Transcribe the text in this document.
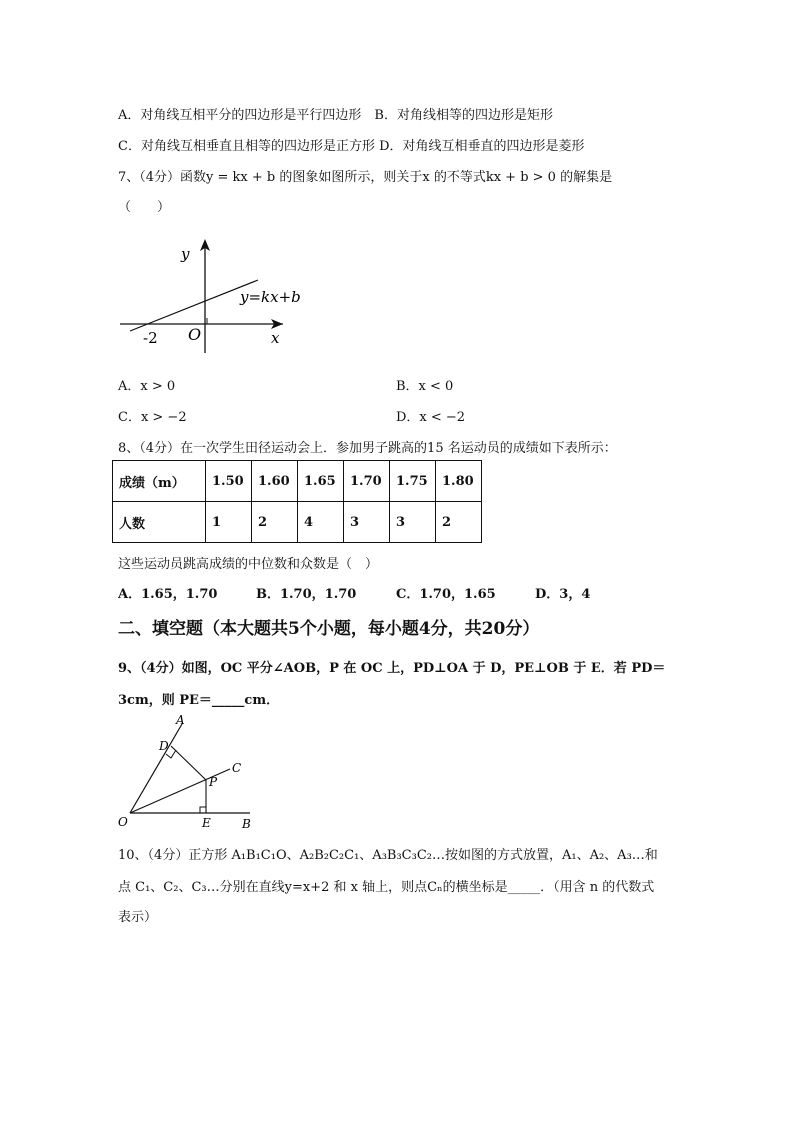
A．对角线互相平分的四边形是平行四边形　B．对角线相等的四边形是矩形
C．对角线互相垂直且相等的四边形是正方形 D．对角线互相垂直的四边形是菱形
7、（4分）函数y = kx + b 的图象如图所示，则关于x 的不等式kx + b > 0 的解集是
（　　）
y
x
O
-2
y=kx+b
A．x > 0	B．x < 0
C．x > −2	D．x < −2
8、（4分）在一次学生田径运动会上．参加男子跳高的15 名运动员的成绩如下表所示：
成绩（m）	1.50	1.60	1.65	1.70	1.75	1.80
人数	1	2	4	3	3	2
这些运动员跳高成绩的中位数和众数是（　）
A．1.65，1.70	B．1.70，1.70	C．1.70，1.65	D．3，4
二、填空题（本大题共5个小题，每小题4分，共20分）
9、（4分）如图，OC 平分∠AOB，P 在 OC 上，PD⊥OA 于 D，PE⊥OB 于 E．若 PD＝
3cm，则 PE＝_____cm．
A
D
C
P
O	E	B
10、（4分）正方形 A₁B₁C₁O、A₂B₂C₂C₁、A₃B₃C₃C₂…按如图的方式放置，A₁、A₂、A₃…和
点 C₁、C₂、C₃…分别在直线y=x+2 和 x 轴上，则点Cₙ的横坐标是_____．（用含 n 的代数式
表示）
